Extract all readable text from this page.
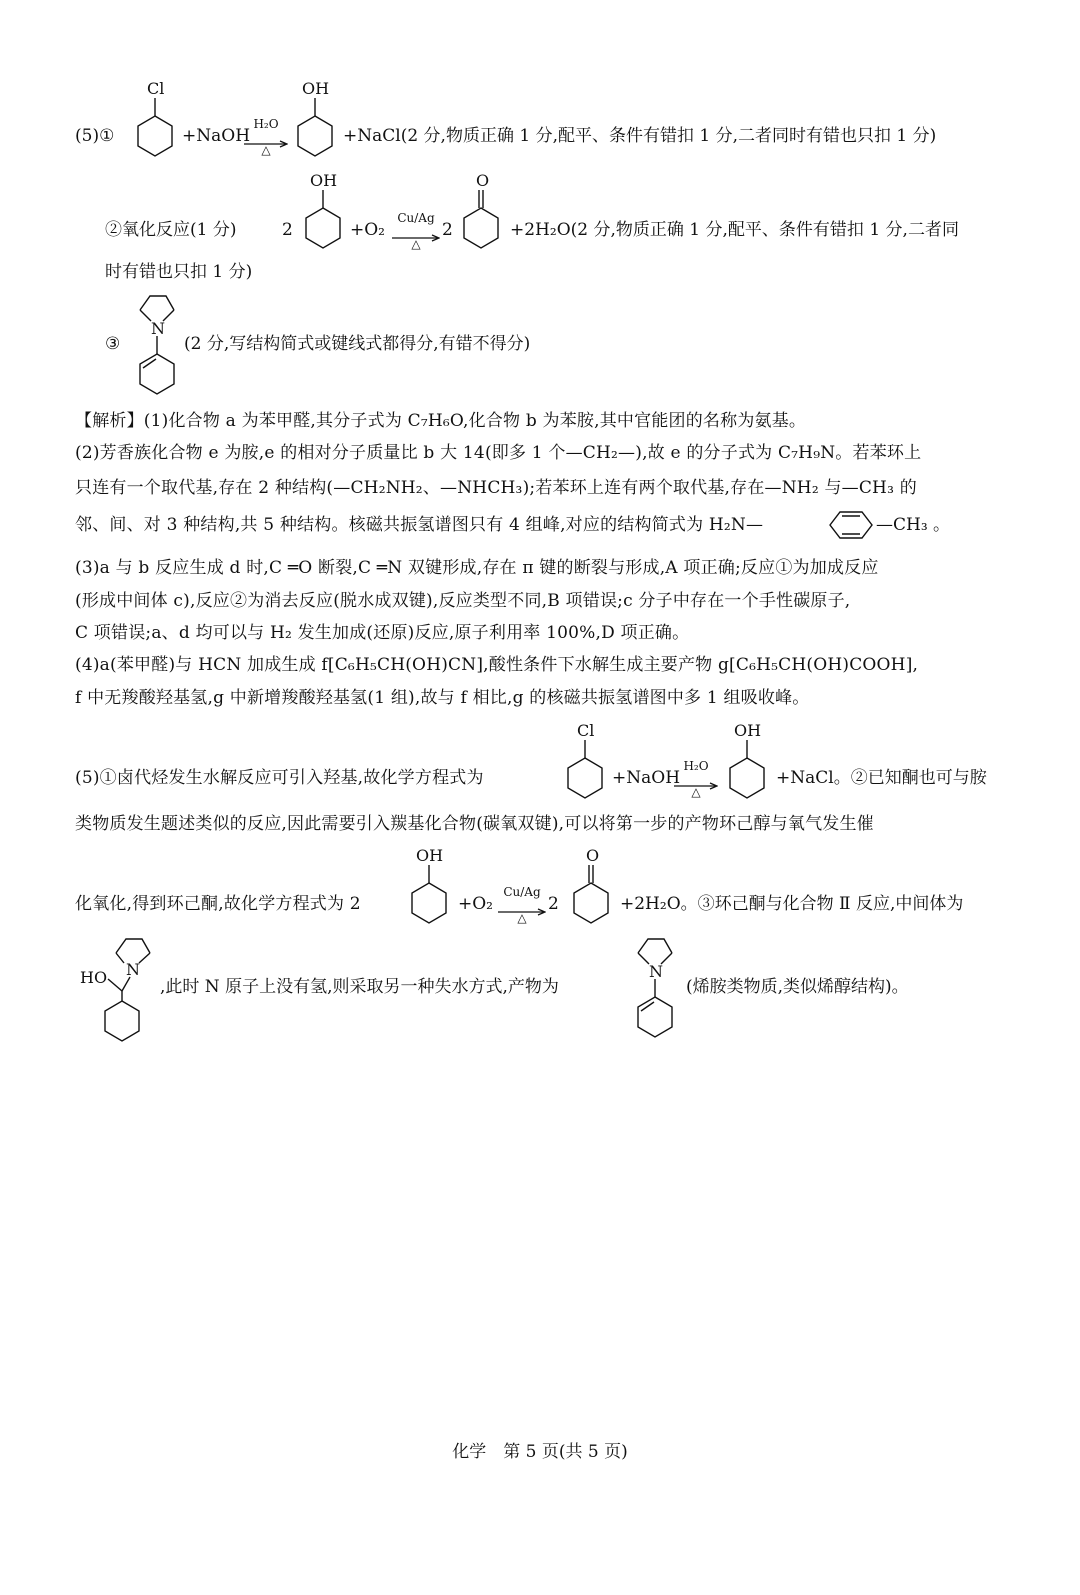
(5)①
Cl
+NaOH
H₂O
△
OH
+NaCl(2 分,物质正确 1 分,配平、条件有错扣 1 分,二者同时有错也只扣 1 分)
②氧化反应(1 分)	2
OH
+O₂
Cu/Ag
△
2
O
+2H₂O(2 分,物质正确 1 分,配平、条件有错扣 1 分,二者同
时有错也只扣 1 分)
③
N
(2 分,写结构简式或键线式都得分,有错不得分)
【解析】(1)化合物 a 为苯甲醛,其分子式为 C₇H₆O,化合物 b 为苯胺,其中官能团的名称为氨基。
(2)芳香族化合物 e 为胺,e 的相对分子质量比 b 大 14(即多 1 个—CH₂—),故 e 的分子式为 C₇H₉N。若苯环上
只连有一个取代基,存在 2 种结构(—CH₂NH₂、—NHCH₃);若苯环上连有两个取代基,存在—NH₂ 与—CH₃ 的
邻、间、对 3 种结构,共 5 种结构。核磁共振氢谱图只有 4 组峰,对应的结构简式为 H₂N—	—CH₃ 。
(3)a 与 b 反应生成 d 时,C ═O 断裂,C ═N 双键形成,存在 π 键的断裂与形成,A 项正确;反应①为加成反应
(形成中间体 c),反应②为消去反应(脱水成双键),反应类型不同,B 项错误;c 分子中存在一个手性碳原子,
C 项错误;a、d 均可以与 H₂ 发生加成(还原)反应,原子利用率 100%,D 项正确。
(4)a(苯甲醛)与 HCN 加成生成 f[C₆H₅CH(OH)CN],酸性条件下水解生成主要产物 g[C₆H₅CH(OH)COOH],
f 中无羧酸羟基氢,g 中新增羧酸羟基氢(1 组),故与 f 相比,g 的核磁共振氢谱图中多 1 组吸收峰。
(5)①卤代烃发生水解反应可引入羟基,故化学方程式为
Cl
+NaOH
H₂O
△
OH
+NaCl。②已知酮也可与胺
类物质发生题述类似的反应,因此需要引入羰基化合物(碳氧双键),可以将第一步的产物环己醇与氧气发生催
化氧化,得到环己酮,故化学方程式为 2
OH
+O₂
Cu/Ag
△
2
O
+2H₂O。③环己酮与化合物 Ⅱ 反应,中间体为
N
HO	,此时 N 原子上没有氢,则采取另一种失水方式,产物为
N
(烯胺类物质,类似烯醇结构)。
化学　第 5 页(共 5 页)
